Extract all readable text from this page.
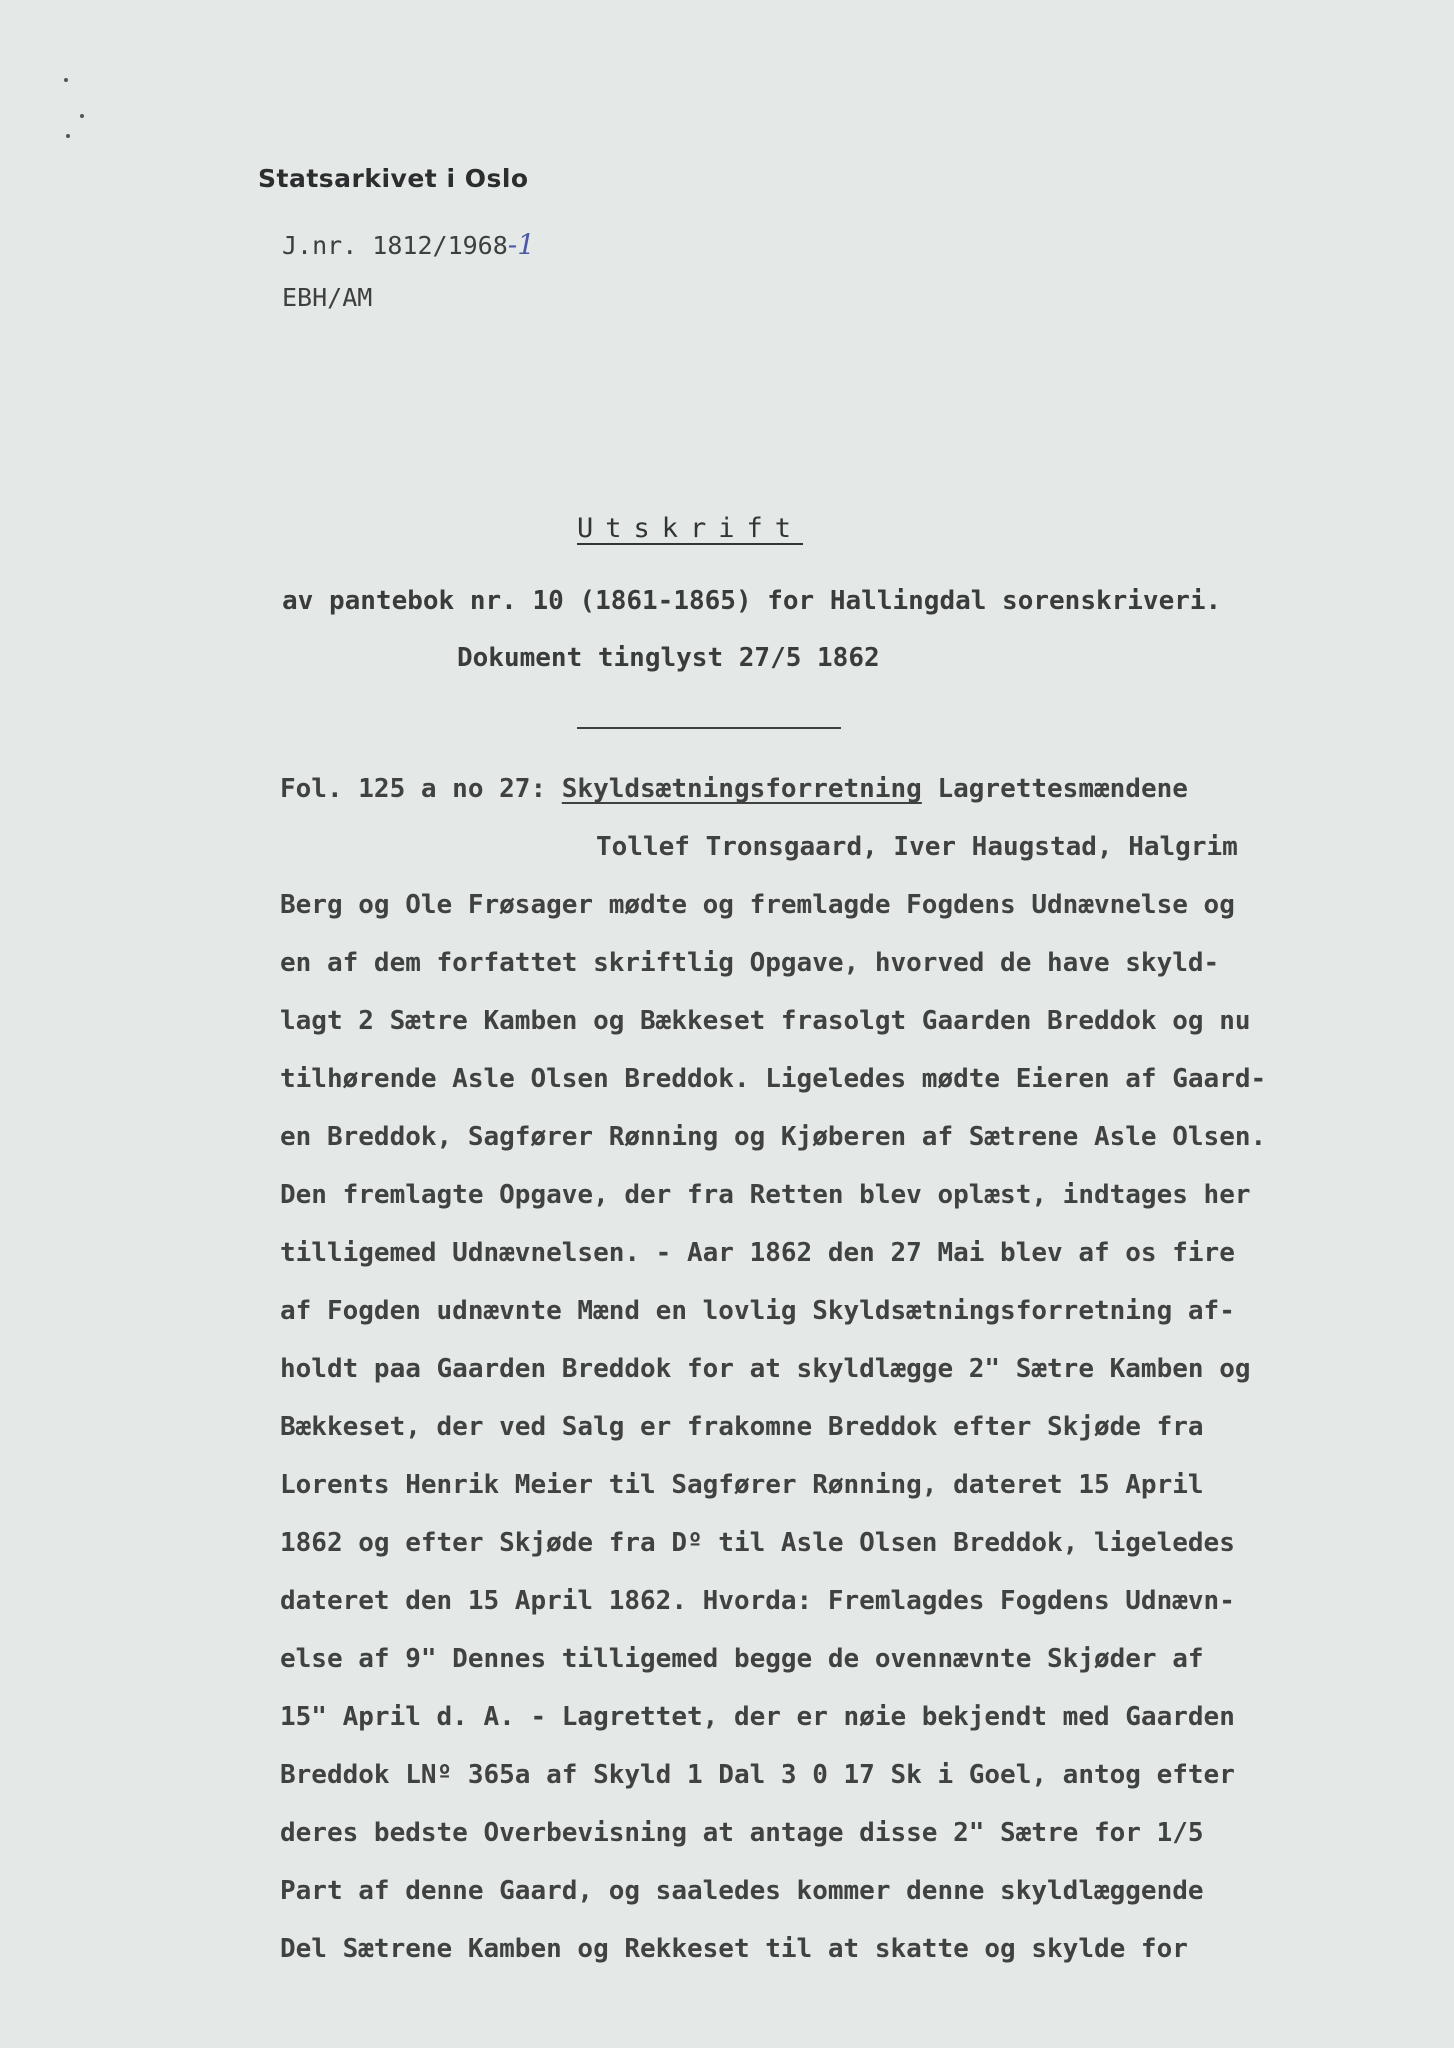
Statsarkivet i Oslo
J.nr. 1812/1968-1
EBH/AM
Utskrift
av pantebok nr. 10 (1861-1865) for Hallingdal sorenskriveri.
Dokument tinglyst 27/5 1862
Fol. 125 a no 27: Skyldsætningsforretning Lagrettesmændene
Tollef Tronsgaard, Iver Haugstad, Halgrim
Berg og Ole Frøsager mødte og fremlagde Fogdens Udnævnelse og
en af dem forfattet skriftlig Opgave, hvorved de have skyld-
lagt 2 Sætre Kamben og Bækkeset frasolgt Gaarden Breddok og nu
tilhørende Asle Olsen Breddok. Ligeledes mødte Eieren af Gaard-
en Breddok, Sagfører Rønning og Kjøberen af Sætrene Asle Olsen.
Den fremlagte Opgave, der fra Retten blev oplæst, indtages her
tilligemed Udnævnelsen. - Aar 1862 den 27 Mai blev af os fire
af Fogden udnævnte Mænd en lovlig Skyldsætningsforretning af-
holdt paa Gaarden Breddok for at skyldlægge 2" Sætre Kamben og
Bækkeset, der ved Salg er frakomne Breddok efter Skjøde fra
Lorents Henrik Meier til Sagfører Rønning, dateret 15 April
1862 og efter Skjøde fra Dº til Asle Olsen Breddok, ligeledes
dateret den 15 April 1862. Hvorda: Fremlagdes Fogdens Udnævn-
else af 9" Dennes tilligemed begge de ovennævnte Skjøder af
15" April d. A. - Lagrettet, der er nøie bekjendt med Gaarden
Breddok LNº 365a af Skyld 1 Dal 3 0 17 Sk i Goel, antog efter
deres bedste Overbevisning at antage disse 2" Sætre for 1/5
Part af denne Gaard, og saaledes kommer denne skyldlæggende
Del Sætrene Kamben og Rekkeset til at skatte og skylde for
